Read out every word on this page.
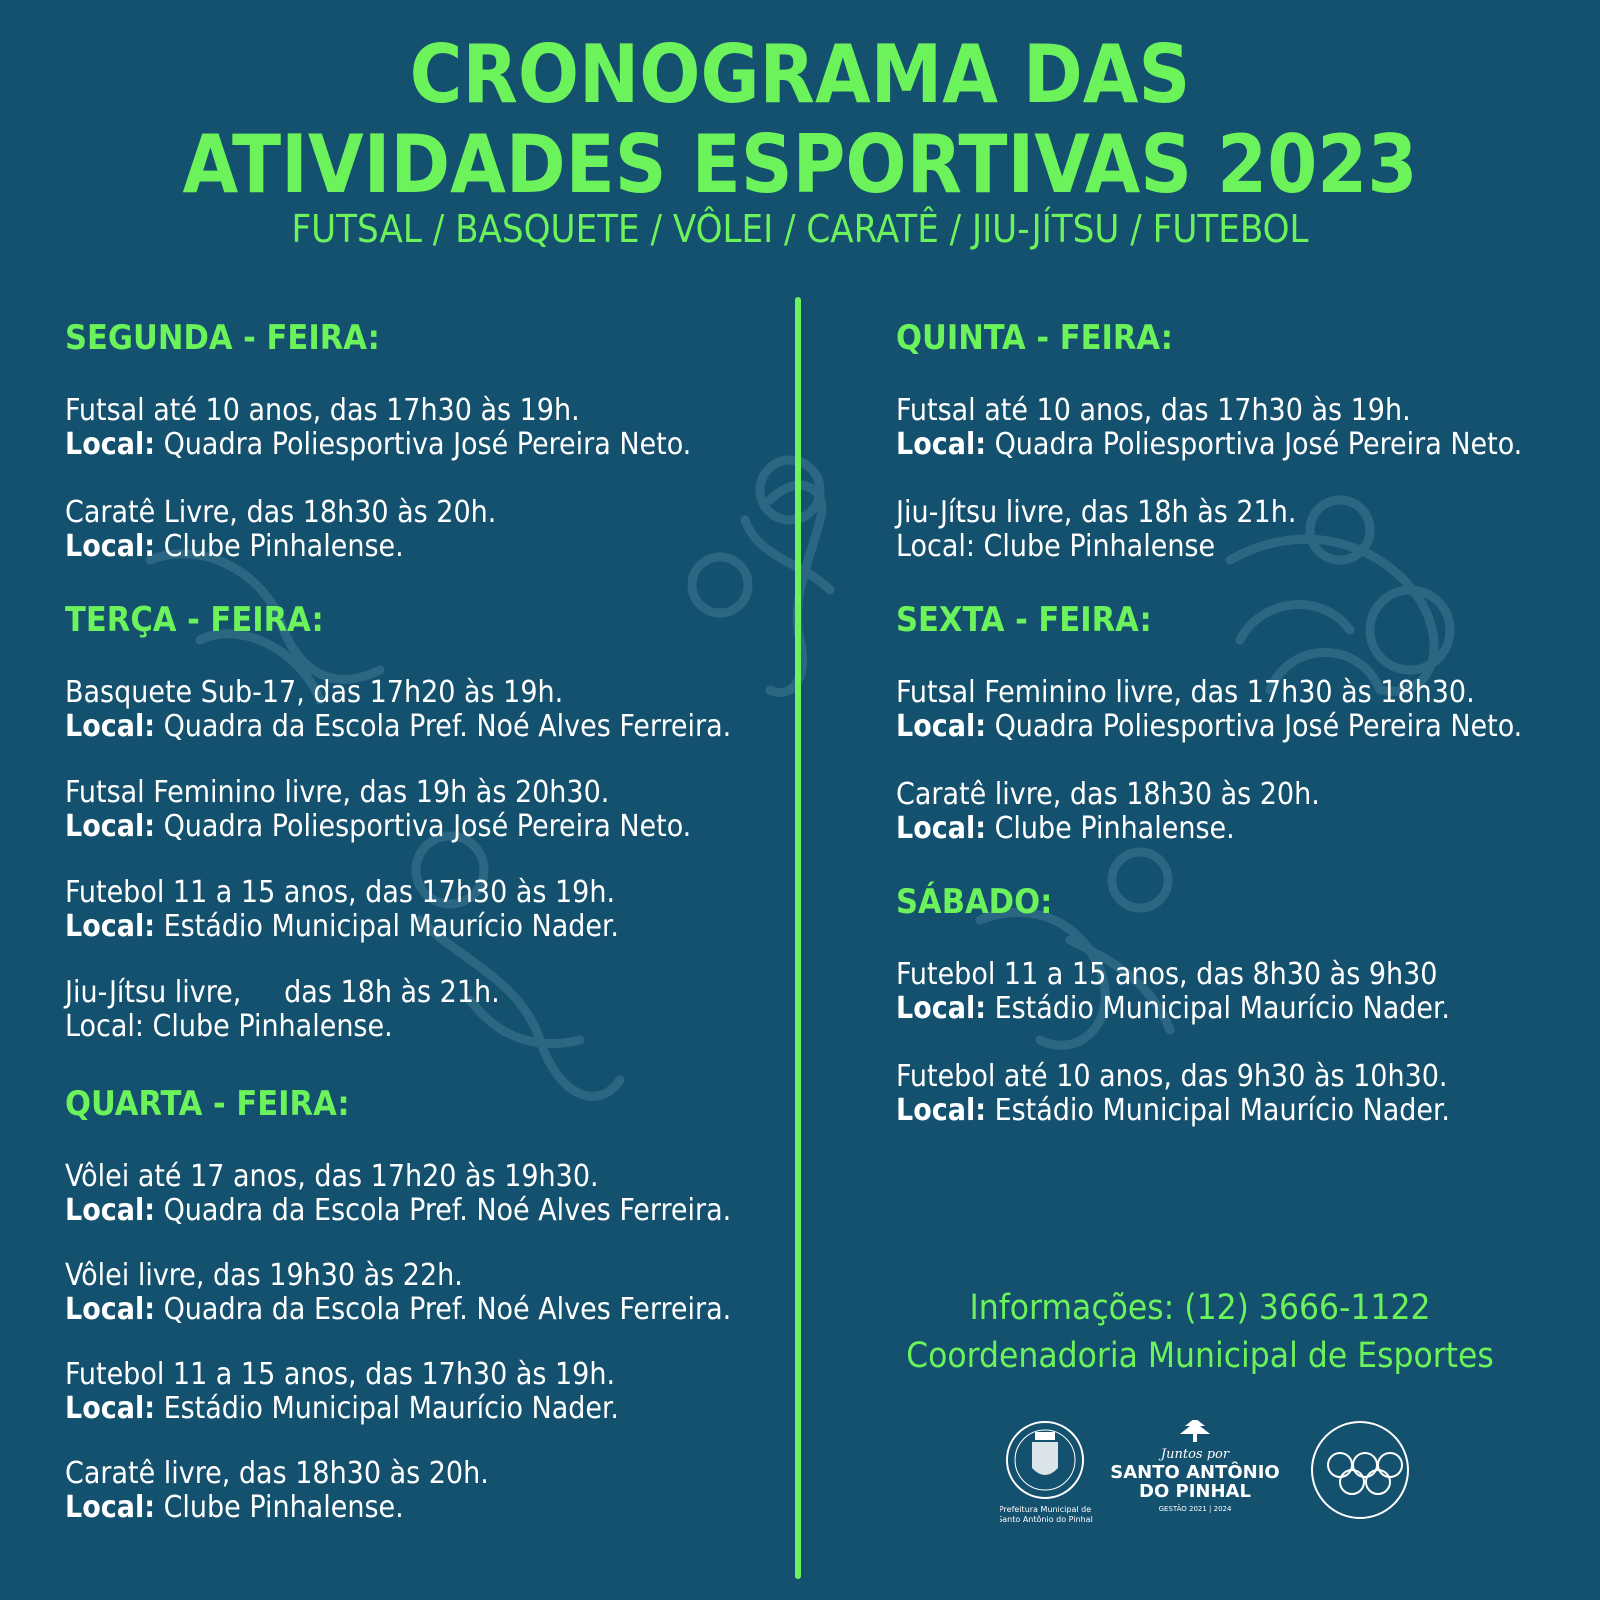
CRONOGRAMA DAS
ATIVIDADES ESPORTIVAS 2023
FUTSAL / BASQUETE / VÔLEI / CARATÊ / JIU-JÍTSU / FUTEBOL

SEGUNDA - FEIRA:

Futsal até 10 anos, das 17h30 às 19h.

Local: Quadra Poliesportiva José Pereira Neto.

Caratê Livre, das 18h30 às 20h.

Local: Clube Pinhalense.

TERÇA - FEIRA:

Basquete Sub-17, das 17h20 às 19h.

Local: Quadra da Escola Pref. Noé Alves Ferreira.

Futsal Feminino livre, das 19h às 20h30.

Local: Quadra Poliesportiva José Pereira Neto.

Futebol 11 a 15 anos, das 17h30 às 19h.

Local: Estádio Municipal Maurício Nader.

Jiu-Jítsu livre,     das 18h às 21h.

Local: Clube Pinhalense.

QUARTA - FEIRA:

Vôlei até 17 anos, das 17h20 às 19h30.

Local: Quadra da Escola Pref. Noé Alves Ferreira.

Vôlei livre, das 19h30 às 22h.

Local: Quadra da Escola Pref. Noé Alves Ferreira.

Futebol 11 a 15 anos, das 17h30 às 19h.

Local: Estádio Municipal Maurício Nader.

Caratê livre, das 18h30 às 20h.

Local: Clube Pinhalense.

QUINTA - FEIRA:

Futsal até 10 anos, das 17h30 às 19h.

Local: Quadra Poliesportiva José Pereira Neto.

Jiu-Jítsu livre, das 18h às 21h.

Local: Clube Pinhalense

SEXTA - FEIRA:

Futsal Feminino livre, das 17h30 às 18h30.

Local: Quadra Poliesportiva José Pereira Neto.

Caratê livre, das 18h30 às 20h.

Local: Clube Pinhalense.

SÁBADO:

Futebol 11 a 15 anos, das 8h30 às 9h30

Local: Estádio Municipal Maurício Nader.

Futebol até 10 anos, das 9h30 às 10h30.

Local: Estádio Municipal Maurício Nader.

Informações: (12) 3666-1122
Coordenadoria Municipal de Esportes
Prefeitura Municipal de
Santo Antônio do Pinhal
Juntos por
SANTO ANTÔNIO
DO PINHAL
GESTÃO 2021 | 2024
